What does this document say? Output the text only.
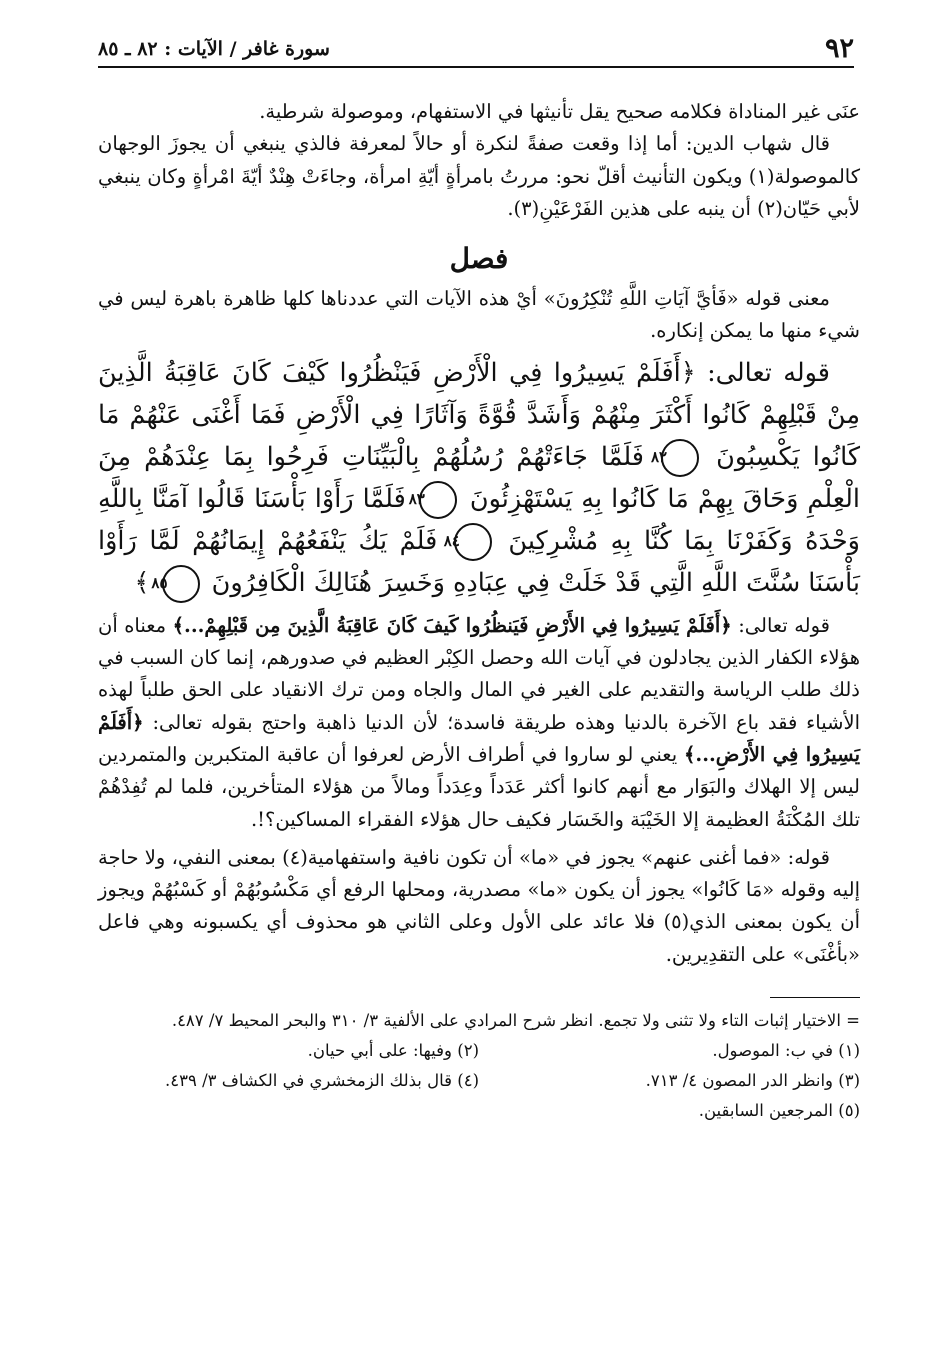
٩٢
سورة غافر / الآيات : ٨٢ ـ ٨٥

عنَى غير المناداة فكلامه صحيح يقل تأنيثها في الاستفهام، وموصولة شرطية.

قال شهاب الدين: أما إذا وقعت صفةً لنكرة أو حالاً لمعرفة فالذي ينبغي أن يجوزَ الوجهان كالموصولة(١) ويكون التأنيث أقلّ نحو: مررتُ بامرأةٍ أيّةِ امرأة، وجاءَتْ هِنْدٌ أيّةَ امْرأةٍ وكان ينبغي لأبي حَيّان(٢) أن ينبه على هذين الفَرْعَيْنِ(٣).

فصل

معنى قوله «فَأيَّ آيَاتِ اللَّهِ تُنْكِرُونَ» أيْ هذه الآيات التي عددناها كلها ظاهرة باهرة ليس في شيء منها ما يمكن إنكاره.

قوله تعالى: ﴿أَفَلَمْ يَسِيرُوا فِي الْأَرْضِ فَيَنْظُرُوا كَيْفَ كَانَ عَاقِبَةُ الَّذِينَ مِنْ قَبْلِهِمْ كَانُوا أَكْثَرَ مِنْهُمْ وَأَشَدَّ قُوَّةً وَآثَارًا فِي الْأَرْضِ فَمَا أَغْنَى عَنْهُمْ مَا كَانُوا يَكْسِبُونَ ٨٢ فَلَمَّا جَاءَتْهُمْ رُسُلُهُمْ بِالْبَيِّنَاتِ فَرِحُوا بِمَا عِنْدَهُمْ مِنَ الْعِلْمِ وَحَاقَ بِهِمْ مَا كَانُوا بِهِ يَسْتَهْزِئُونَ ٨٣ فَلَمَّا رَأَوْا بَأْسَنَا قَالُوا آمَنَّا بِاللَّهِ وَحْدَهُ وَكَفَرْنَا بِمَا كُنَّا بِهِ مُشْرِكِينَ ٨٤ فَلَمْ يَكُ يَنْفَعُهُمْ إِيمَانُهُمْ لَمَّا رَأَوْا بَأْسَنَا سُنَّتَ اللَّهِ الَّتِي قَدْ خَلَتْ فِي عِبَادِهِ وَخَسِرَ هُنَالِكَ الْكَافِرُونَ ٨٥ ﴾

قوله تعالى: ﴿أَفَلَمْ يَسِيرُوا فِي الأَرْضِ فَيَنظُرُوا كَيفَ كَانَ عَاقِبَةُ الَّذِينَ مِن قَبْلِهِمْ...﴾ معناه أن هؤلاء الكفار الذين يجادلون في آيات الله وحصل الكِبْر العظيم في صدورهم، إنما كان السبب في ذلك طلب الرياسة والتقديم على الغير في المال والجاه ومن ترك الانقياد على الحق طلباً لهذه الأشياء فقد باع الآخرة بالدنيا وهذه طريقة فاسدة؛ لأن الدنيا ذاهبة واحتج بقوله تعالى: ﴿أَفَلَمْ يَسِيرُوا فِي الأَرْضِ...﴾ يعني لو ساروا في أطراف الأرض لعرفوا أن عاقبة المتكبرين والمتمردين ليس إلا الهلاك والبَوَار مع أنهم كانوا أكثر عَدَداً وعِدَداً ومالاً من هؤلاء المتأخرين، فلما لم تُفِدْهُمْ تلك المُكْنَةُ العظيمة إلا الخَيْبَة والخَسَار فكيف حال هؤلاء الفقراء المساكين؟!.

قوله: «فما أغنى عنهم» يجوز في «ما» أن تكون نافية واستفهامية(٤) بمعنى النفي، ولا حاجة إليه وقوله «مَا كَانُوا» يجوز أن يكون «ما» مصدرية، ومحلها الرفع أي مَكْسُوبُهُمْ أو كَسْبُهُمْ ويجوز أن يكون بمعنى الذي(٥) فلا عائد على الأول وعلى الثاني هو محذوف أي يكسبونه وهي فاعل «بأغْنَى» على التقدِيرين.

= الاختيار إثبات التاء ولا تثنى ولا تجمع. انظر شرح المرادي على الألفية ٣/ ٣١٠ والبحر المحيط ٧/ ٤٨٧.
(١) في ب: الموصول.
(٢) وفيها: على أبي حيان.
(٣) وانظر الدر المصون ٤/ ٧١٣.
(٤) قال بذلك الزمخشري في الكشاف ٣/ ٤٣٩.
(٥) المرجعين السابقين.
